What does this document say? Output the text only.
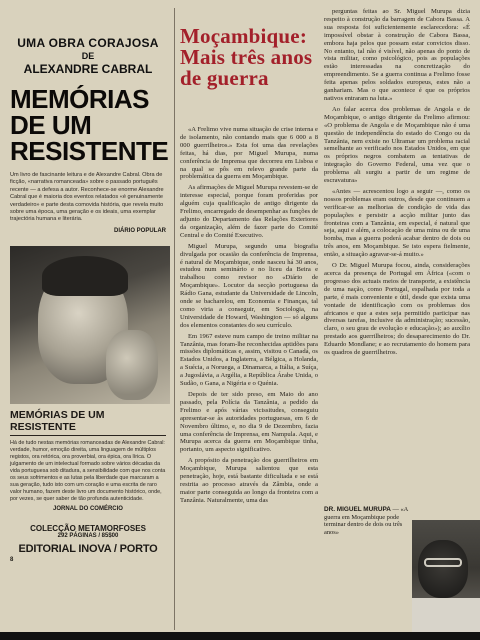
UMA OBRA CORAJOSA
DE
ALEXANDRE CABRAL
MEMÓRIAS DE UM RESISTENTE
Um livro de fascinante leitura e de Alexandre Cabral. Obra de ficção, «narrativa romanceada» sobre o passado português recente — a defesa a autor. Reconhece-se enorme Alexandre Cabral que é maioria dos eventos relatados «é genuinamente verdadeiro» e parte desta comovida história, que revela muito sobre uma época, uma geração e os ideais, uma exemplar trajectória humana e literária.
DIÁRIO POPULAR
MEMÓRIAS DE UM RESISTENTE
Há de tudo nestas memórias romanceadas de Alexandre Cabral: verdade, humor, emoção direita, uma linguagem de múltiplos registos, ora retórica, ora proverbial, ora épica, ora lírica. O julgamento de um intelectual formado sobre vários décadas da vida portuguesa sob ditadura, a sensibilidade com que nos conta os seus sofrimentos e as lutas pela liberdade que marcaram a sua geração, tudo isto com um coração e uma escrita de raro valor humano, fazem deste livro um documento histórico, onde, por vezes, se quer saber de tão profunda autenticidade.
JORNAL DO COMÉRCIO
COLECÇÃO METAMORFOSES
292 PÁGINAS / 85$00
EDITORIAL INOVA / PORTO
8
Moçambique: Mais três anos de guerra

«A Frelimo vive numa situação de crise interna e de isolamento, não contando mais que 6 000 a 8 000 guerrilheiros.» Esta foi uma das revelações feitas, há dias, por Miguel Murupa, numa conferência de Imprensa que decorreu em Lisboa e na qual se pôs em relevo grande parte da problemática da guerra em Moçambique.

As afirmações de Miguel Murupa revestem-se de interesse especial, porque foram proferidas por alguém cuja qualificação de antigo dirigente da Frelimo, encarregado de desempenhar as funções de adjunto do Departamento das Relações Exteriores da organização, além de fazer parte do Comité Central e do Comité Executivo.

Miguel Murupa, segundo uma biografia divulgada por ocasião da conferência de Imprensa, é natural de Moçambique, onde nasceu há 30 anos, estudou num seminário e no liceu da Beira e trabalhou como revisor no «Diário de Moçambique». Locutor da secção portuguesa da Rádio Gana, estudante da Universidade de Lincoln, onde se bacharelou, em Economia e Finanças, tal como viria a conseguir, em Sociologia, na Universidade de Howard, Washington — só alguns dos elementos constantes do seu currículo.

Em 1967 esteve num campo de treino militar na Tanzânia, mas foram-lhe reconhecidas aptidões para missões diplomáticas e, assim, visitou o Canadá, os Estados Unidos, a Inglaterra, a Bélgica, a Holanda, a Suécia, a Noruega, a Dinamarca, a Itália, a Suíça, a Jugoslávia, a Argélia, a República Árabe Unida, o Sudão, o Gana, a Nigéria e o Quénia.

Depois de ter sido preso, em Maio do ano passado, pela Polícia da Tanzânia, a pedido da Frelimo e após várias vicissitudes, conseguiu apresentar-se às autoridades portuguesas, em 6 de Novembro último, e, no dia 9 de Dezembro, fazia uma conferência de Imprensa, em Nampula. Aqui, e Murupa acerca da guerra em Moçambique tinha, portanto, um aspecto significativo.

A propósito da penetração dos guerrilheiros em Moçambique, Murupa salientou que esta penetração, hoje, está bastante dificultada e se está restrita ao processo através da Zâmbia, onde a maior parte conseguida ao longo da fronteira com a Tanzânia. Naturalmente, uma das

perguntas feitas ao Sr. Miguel Murupa dizia respeito à construção da barragem de Cabora Bassa. A sua resposta foi suficientemente esclarecedora: «É impossível obstar à construção de Cabora Bassa, embora haja pelos que possam estar convictos disso. No entanto, tal não é visível, não apenas do ponto de vista militar, como psicológico, pois as populações estão interessadas na concretização do empreendimento. Se a guerra continua a Frelimo fosse feita apenas pelos soldados europeus, estes não a ganhariam. Mas o que acontece é que os próprios nativos entraram na luta.»

Ao falar acerca dos problemas de Angola e de Moçambique, o antigo dirigente da Frelimo afirmou: «O problema de Angola e de Moçambique não é uma questão de independência do estado do Congo ou da Tanzânia, nem existe no Ultramar um problema racial semelhante ao verificado nos Estados Unidos, em que os próprios negros combatem as tentativas de integração do Governo Federal, uma vez que o problema ali surgiu a partir de um regime de escravatura»

«Antes — acrescentou logo a seguir —, como os nossos problemas eram outros, desde que continuem a verificar-se as melhorias de condição de vida das populações e persistir a acção militar junto das fronteiras com a Tanzânia, em especial, é natural que seja, aqui e além, a colocação de uma mina ou de uma bomba, mas a guerra poderá acabar dentro de dois ou três anos, em Moçambique. Se isto espera fielmente, então, a situação agravar-se-á muito.»

O Dr. Miguel Murupa focou, ainda, considerações acerca da presença de Portugal em África («com o progresso dos actuais meios de transporte, a existência de uma nação, como Portugal, espalhada por toda a parte, é mais conveniente e útil, desde que exista uma vontade de identificação com os problemas dos africanos e que a estes seja permitido participar nas diversas tarefas, inclusive da administração; sucessão, claro, o seu grau de evolução e educação»); ao auxílio prestado aos guerrilheiros; do desaparecimento do Dr. Eduardo Mondlane; e ao recrutamento do homem para os quadros de guerrilheiros.

DR. MIGUEL MURUPA — «A guerra em Moçambique pode terminar dentro de dois ou três anos»
